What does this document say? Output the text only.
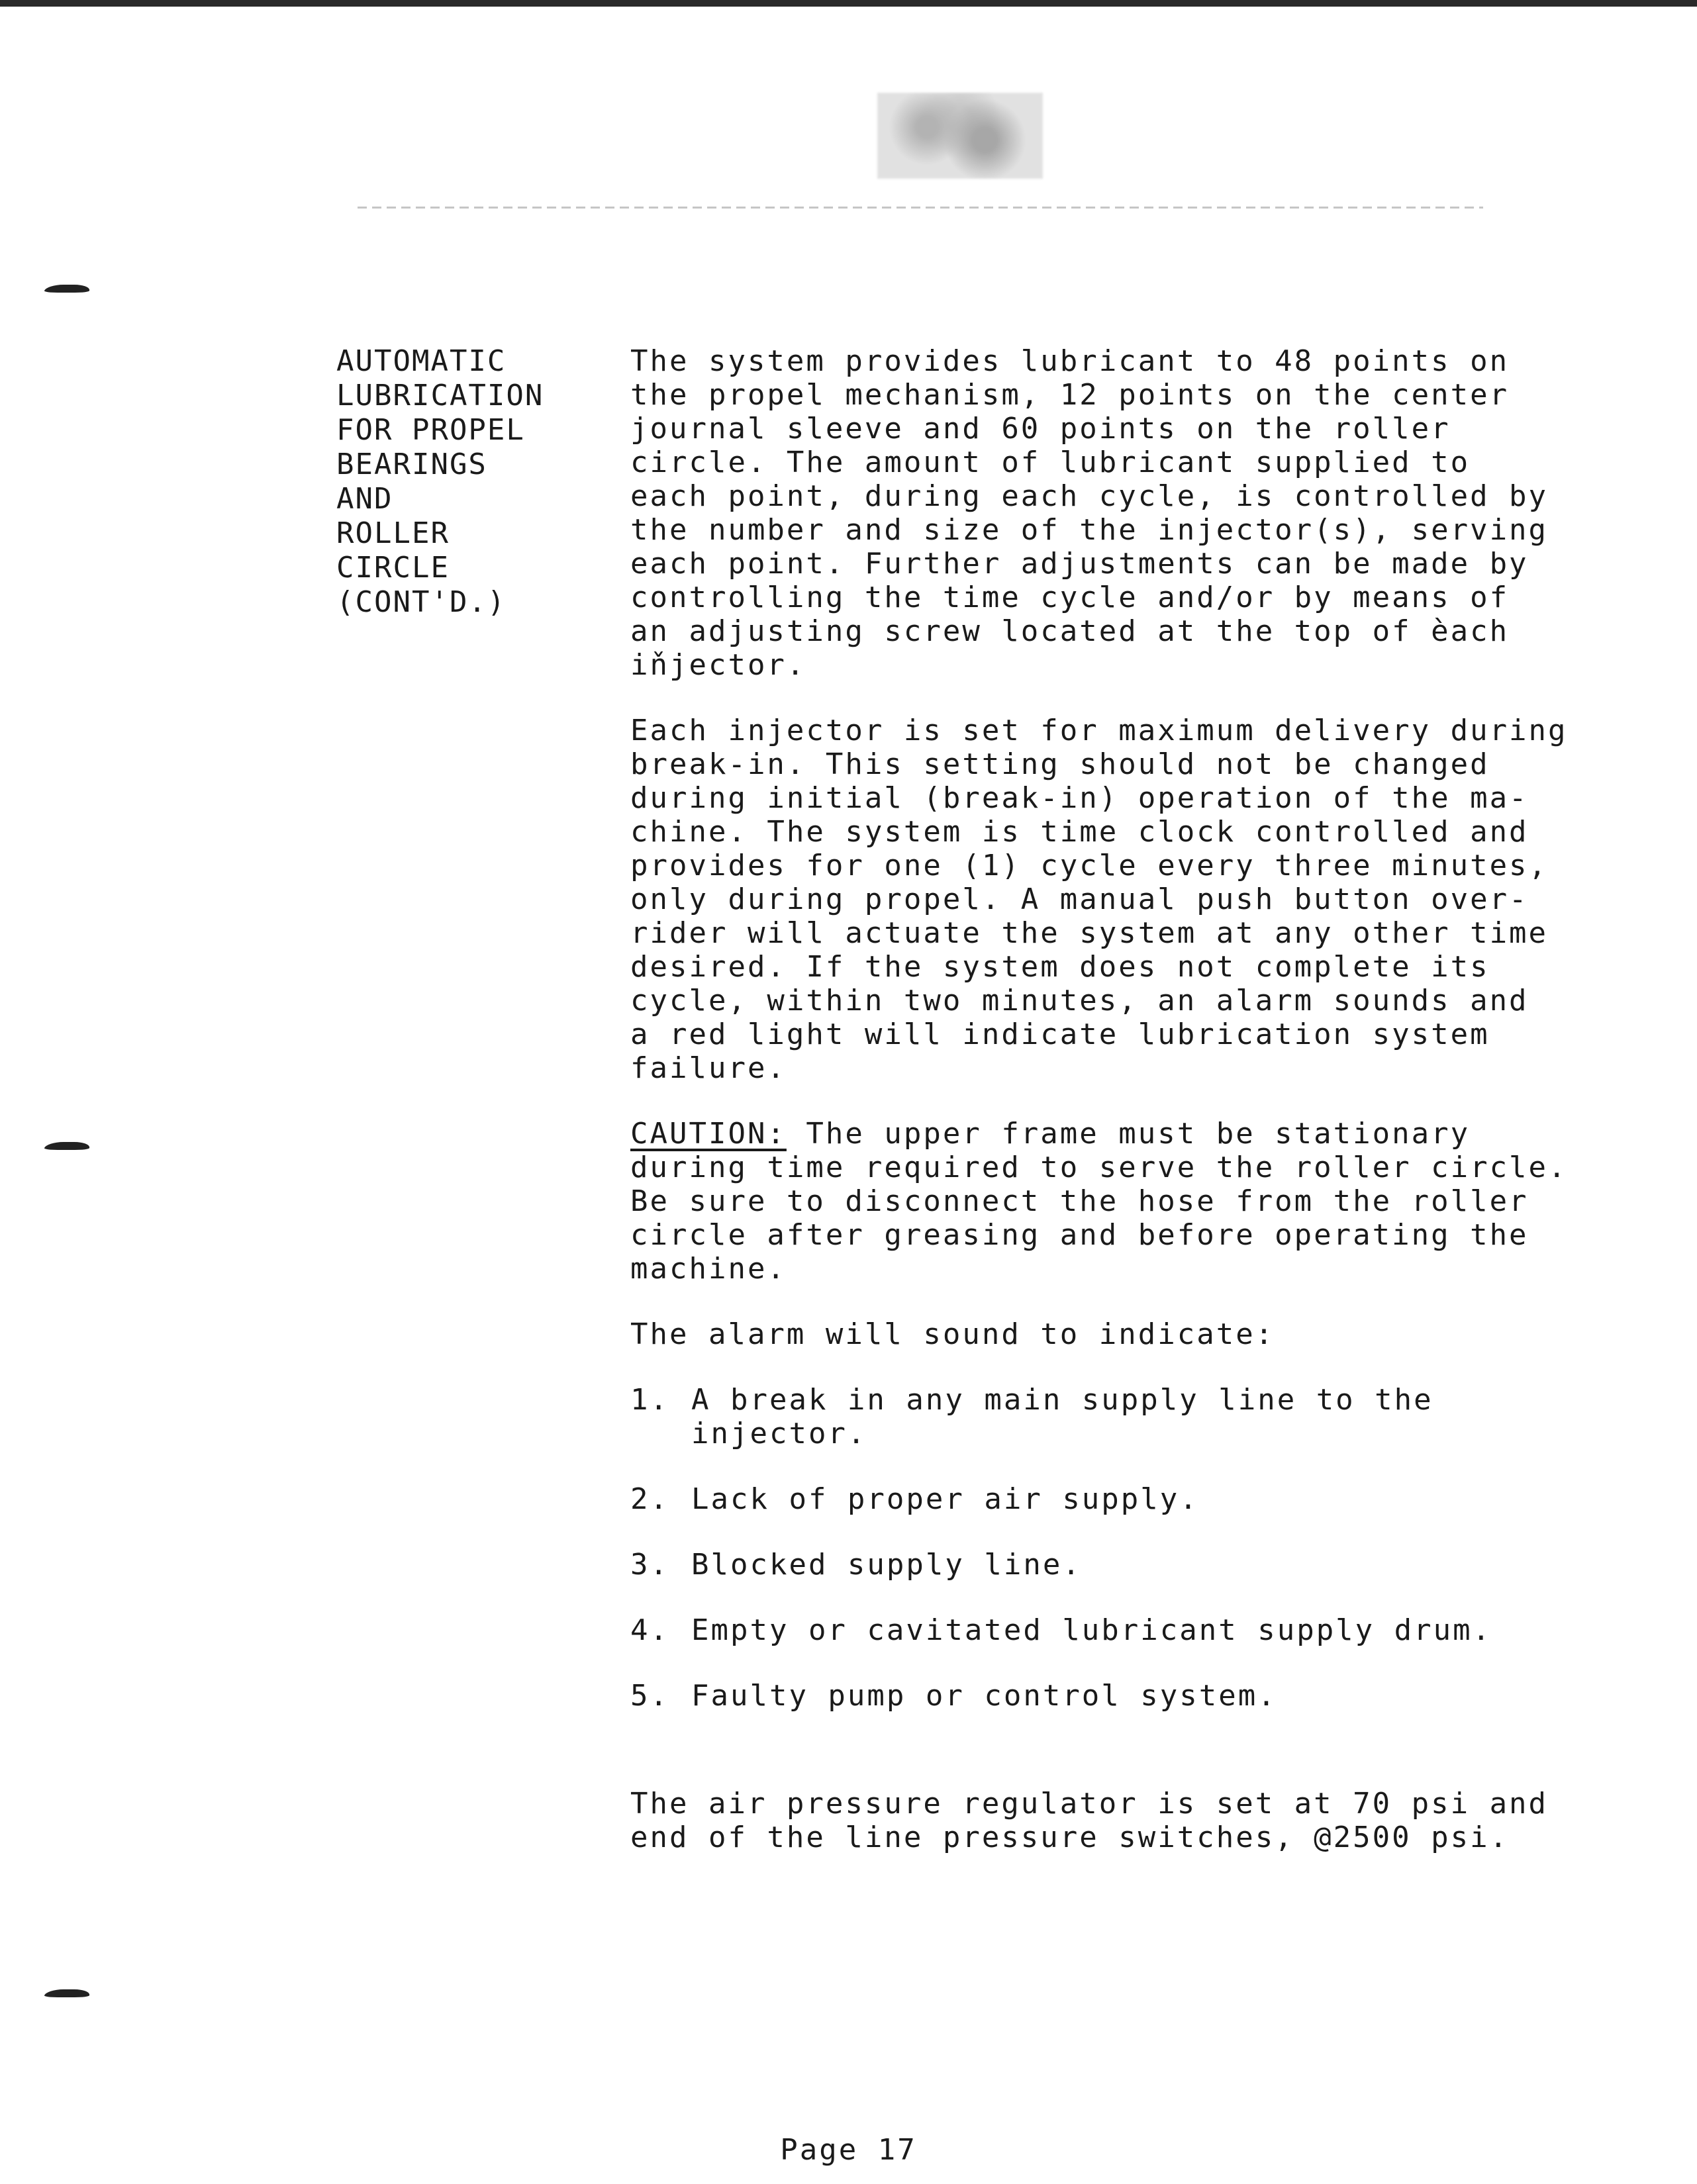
AUTOMATIC
LUBRICATION
FOR PROPEL
BEARINGS
AND
ROLLER
CIRCLE
(CONT'D.)

The system provides lubricant to 48 points on
the propel mechanism, 12 points on the center
journal sleeve and 60 points on the roller
circle. The amount of lubricant supplied to
each point, during each cycle, is controlled by
the number and size of the injector(s), serving
each point. Further adjustments can be made by
controlling the time cycle and/or by means of
an adjusting screw located at the top of èach
iňjector.

Each injector is set for maximum delivery during
break-in. This setting should not be changed
during initial (break-in) operation of the ma-
chine. The system is time clock controlled and
provides for one (1) cycle every three minutes,
only during propel. A manual push button over-
rider will actuate the system at any other time
desired. If the system does not complete its
cycle, within two minutes, an alarm sounds and
a red light will indicate lubrication system
failure.

CAUTION: The upper frame must be stationary
during time required to serve the roller circle.
Be sure to disconnect the hose from the roller
circle after greasing and before operating the
machine.

The alarm will sound to indicate:

1. A break in any main supply line to the
injector.
2. Lack of proper air supply.
3. Blocked supply line.
4. Empty or cavitated lubricant supply drum.
5. Faulty pump or control system.

The air pressure regulator is set at 70 psi and
end of the line pressure switches, @2500 psi.

Page 17
